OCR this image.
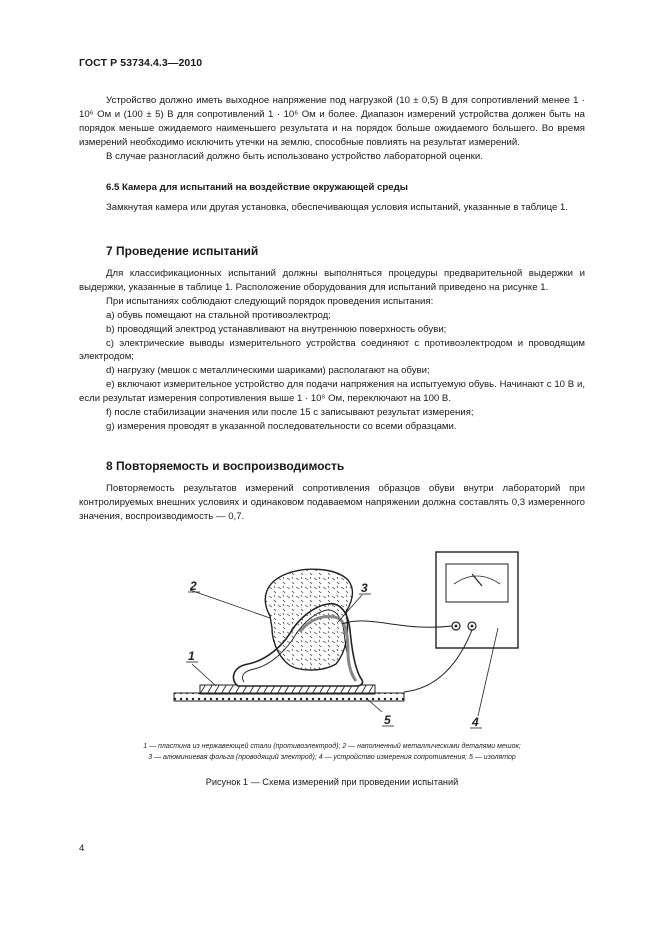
ГОСТ Р 53734.4.3—2010

Устройство должно иметь выходное напряжение под нагрузкой (10 ± 0,5) В для сопротивлений менее 1 · 10⁶ Ом и (100 ± 5) В для сопротивлений 1 · 10⁶ Ом и более. Диапазон измерений устройства должен быть на порядок меньше ожидаемого наименьшего результата и на порядок больше ожидаемого большего. Во время измерений необходимо исключить утечки на землю, способные повлиять на результат измерений.

В случае разногласий должно быть использовано устройство лабораторной оценки.

6.5 Камера для испытаний на воздействие окружающей среды

Замкнутая камера или другая установка, обеспечивающая условия испытаний, указанные в таблице 1.

7 Проведение испытаний

Для классификационных испытаний должны выполняться процедуры предварительной выдержки и выдержки, указанные в таблице 1. Расположение оборудования для испытаний приведено на рисунке 1.

При испытаниях соблюдают следующий порядок проведения испытания:

a) обувь помещают на стальной противоэлектрод;

b) проводящий электрод устанавливают на внутреннюю поверхность обуви;

c) электрические выводы измерительного устройства соединяют с противоэлектродом и проводящим электродом;

d) нагрузку (мешок с металлическими шариками) располагают на обуви;

e) включают измерительное устройство для подачи напряжения на испытуемую обувь. Начинают с 10 В и, если результат измерения сопротивления выше 1 · 10⁶ Ом, переключают на 100 В.

f) после стабилизации значения или после 15 с записывают результат измерения;

g) измерения проводят в указанной последовательности со всеми образцами.

8 Повторяемость и воспроизводимость

Повторяемость результатов измерений сопротивления образцов обуви внутри лабораторий при контролируемых внешних условиях и одинаковом подаваемом напряжении должна составлять 0,3 измеренного значения, воспроизводимость — 0,7.

1
2	3
4
5
1 — пластина из нержавеющей стали (противоэлектрод); 2 — наполненный металлическими деталями мешок;
3 — алюминиевая фольга (проводящий электрод); 4 — устройство измерения сопротивления; 5 — изолятор
Рисунок 1 — Схема измерений при проведении испытаний
4
